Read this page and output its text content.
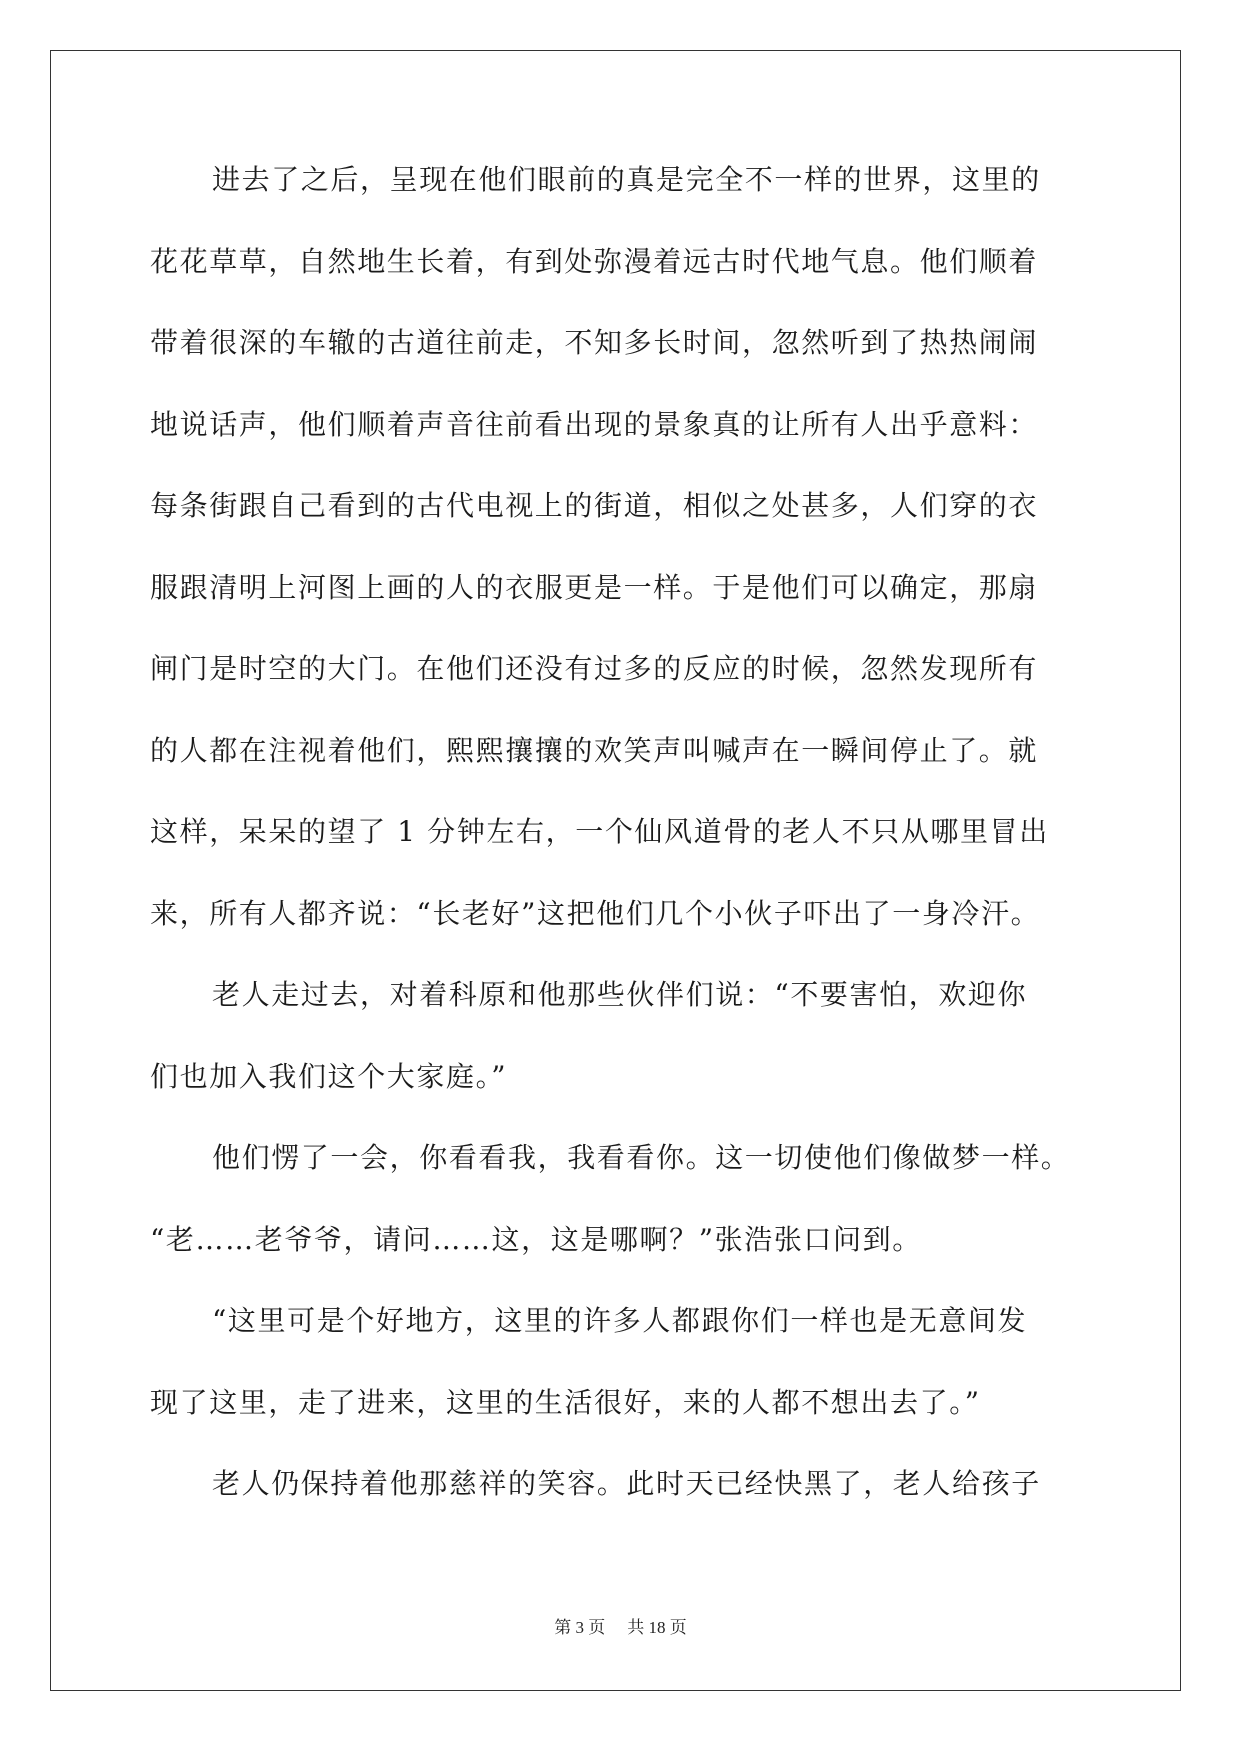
进去了之后，呈现在他们眼前的真是完全不一样的世界，这里的
花花草草，自然地生长着，有到处弥漫着远古时代地气息。他们顺着
带着很深的车辙的古道往前走，不知多长时间，忽然听到了热热闹闹
地说话声，他们顺着声音往前看出现的景象真的让所有人出乎意料：
每条街跟自己看到的古代电视上的街道，相似之处甚多，人们穿的衣
服跟清明上河图上画的人的衣服更是一样。于是他们可以确定，那扇
闸门是时空的大门。在他们还没有过多的反应的时候，忽然发现所有
的人都在注视着他们，熙熙攘攘的欢笑声叫喊声在一瞬间停止了。就
这样，呆呆的望了 1 分钟左右，一个仙风道骨的老人不只从哪里冒出
来，所有人都齐说：“长老好”这把他们几个小伙子吓出了一身冷汗。
老人走过去，对着科原和他那些伙伴们说：“不要害怕，欢迎你
们也加入我们这个大家庭。”
他们愣了一会，你看看我，我看看你。这一切使他们像做梦一样。
“老……老爷爷，请问……这，这是哪啊？”张浩张口问到。
“这里可是个好地方，这里的许多人都跟你们一样也是无意间发
现了这里，走了进来，这里的生活很好，来的人都不想出去了。”
老人仍保持着他那慈祥的笑容。此时天已经快黑了，老人给孩子
第 3 页 共 18 页
